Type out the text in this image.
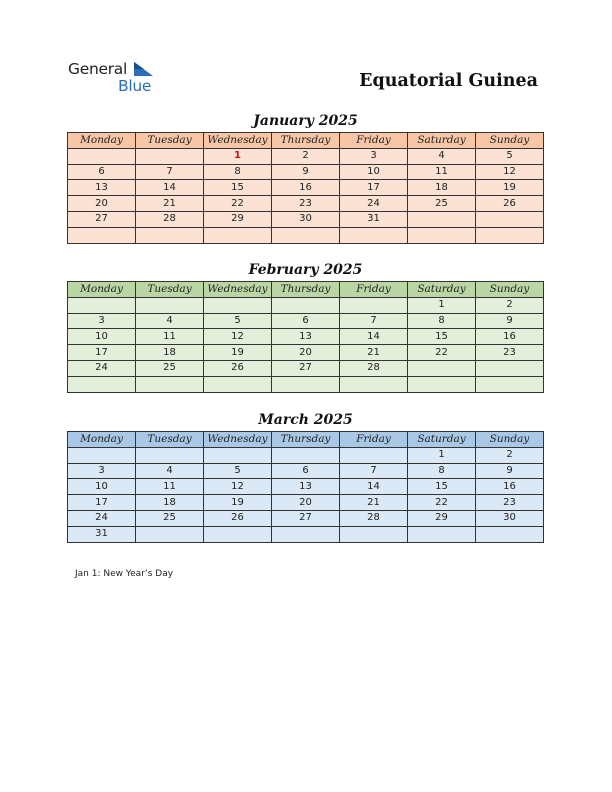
General
Blue	Equatorial Guinea
January 2025
Monday	Tuesday	Wednesday	Thursday	Friday	Saturday	Sunday
		1	2	3	4	5
6	7	8	9	10	11	12
13	14	15	16	17	18	19
20	21	22	23	24	25	26
27	28	29	30	31		

February 2025
Monday	Tuesday	Wednesday	Thursday	Friday	Saturday	Sunday
					1	2
3	4	5	6	7	8	9
10	11	12	13	14	15	16
17	18	19	20	21	22	23
24	25	26	27	28		

March 2025
Monday	Tuesday	Wednesday	Thursday	Friday	Saturday	Sunday
					1	2
3	4	5	6	7	8	9
10	11	12	13	14	15	16
17	18	19	20	21	22	23
24	25	26	27	28	29	30
31						
Jan 1: New Year’s Day
